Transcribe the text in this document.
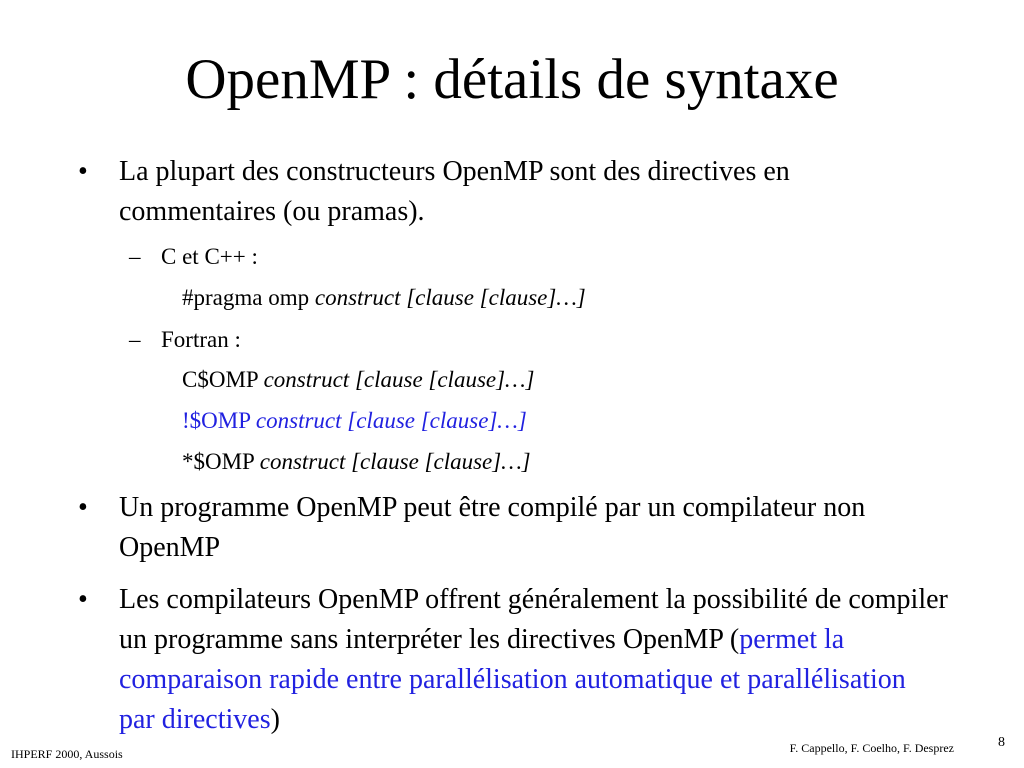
OpenMP : détails de syntaxe
• La plupart des constructeurs OpenMP sont des directives en commentaires (ou pramas).
– C et C++ :
#pragma omp construct [clause [clause]…]
– Fortran :
C$OMP construct [clause [clause]…]
!$OMP construct [clause [clause]…]
*$OMP construct [clause [clause]…]
• Un programme OpenMP peut être compilé par un compilateur non OpenMP
• Les compilateurs OpenMP offrent généralement la possibilité de compiler un programme sans interpréter les directives OpenMP (permet la comparaison rapide entre parallélisation automatique et parallélisation par directives)
IHPERF 2000, Aussois	F. Cappello, F. Coelho, F. Desprez	8
